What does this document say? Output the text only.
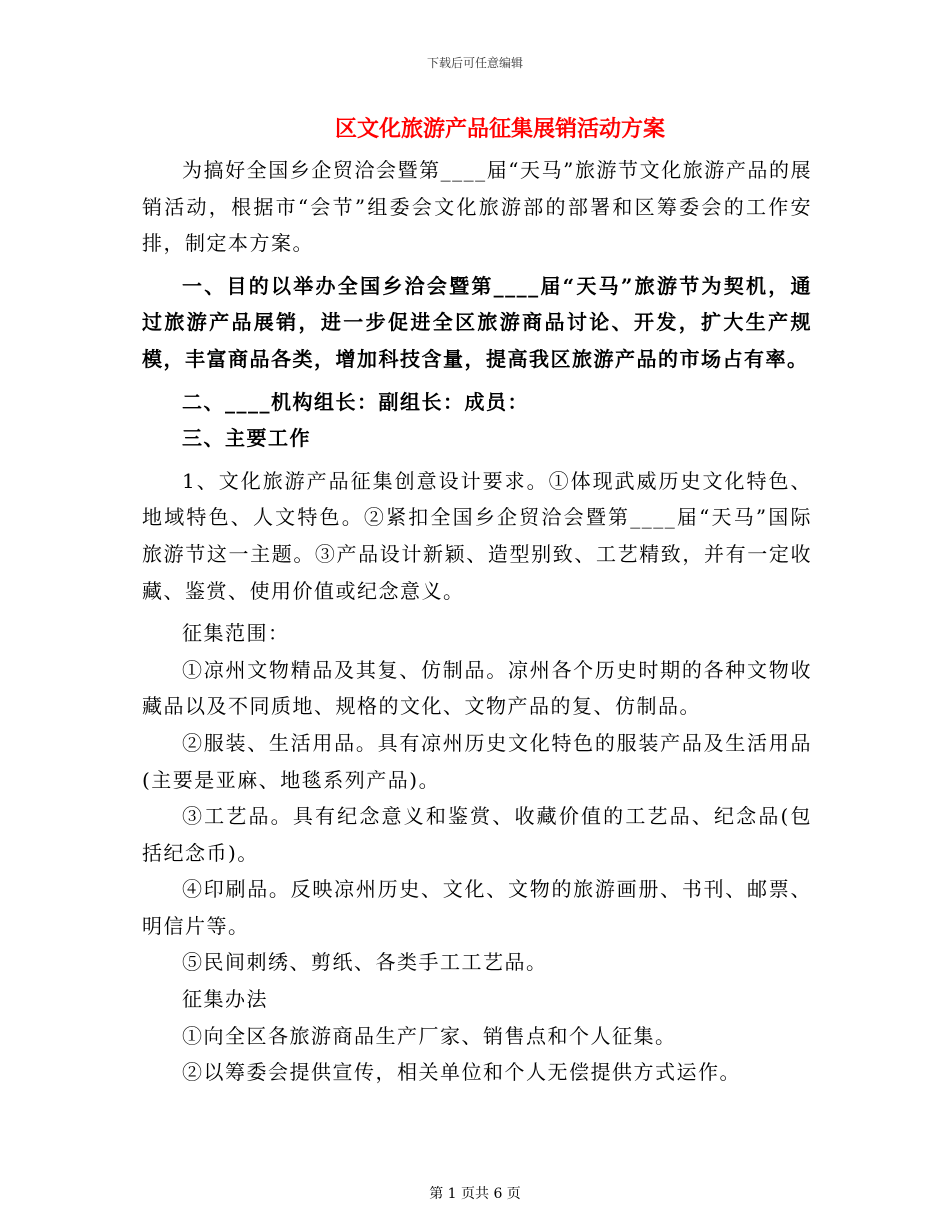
下载后可任意编辑
区文化旅游产品征集展销活动方案

为搞好全国乡企贸洽会暨第____届“天马”旅游节文化旅游产品的展销活动，根据市“会节”组委会文化旅游部的部署和区筹委会的工作安排，制定本方案。

一、目的以举办全国乡洽会暨第____届“天马”旅游节为契机，通过旅游产品展销，进一步促进全区旅游商品讨论、开发，扩大生产规模，丰富商品各类，增加科技含量，提高我区旅游产品的市场占有率。

二、____机构组长：副组长：成员：

三、主要工作

1、文化旅游产品征集创意设计要求。①体现武威历史文化特色、地域特色、人文特色。②紧扣全国乡企贸洽会暨第____届“天马”国际旅游节这一主题。③产品设计新颖、造型别致、工艺精致，并有一定收藏、鉴赏、使用价值或纪念意义。

征集范围：

①凉州文物精品及其复、仿制品。凉州各个历史时期的各种文物收藏品以及不同质地、规格的文化、文物产品的复、仿制品。

②服装、生活用品。具有凉州历史文化特色的服装产品及生活用品(主要是亚麻、地毯系列产品)。

③工艺品。具有纪念意义和鉴赏、收藏价值的工艺品、纪念品(包括纪念币)。

④印刷品。反映凉州历史、文化、文物的旅游画册、书刊、邮票、明信片等。

⑤民间刺绣、剪纸、各类手工工艺品。

征集办法

①向全区各旅游商品生产厂家、销售点和个人征集。

②以筹委会提供宣传，相关单位和个人无偿提供方式运作。

第 1 页共 6 页
